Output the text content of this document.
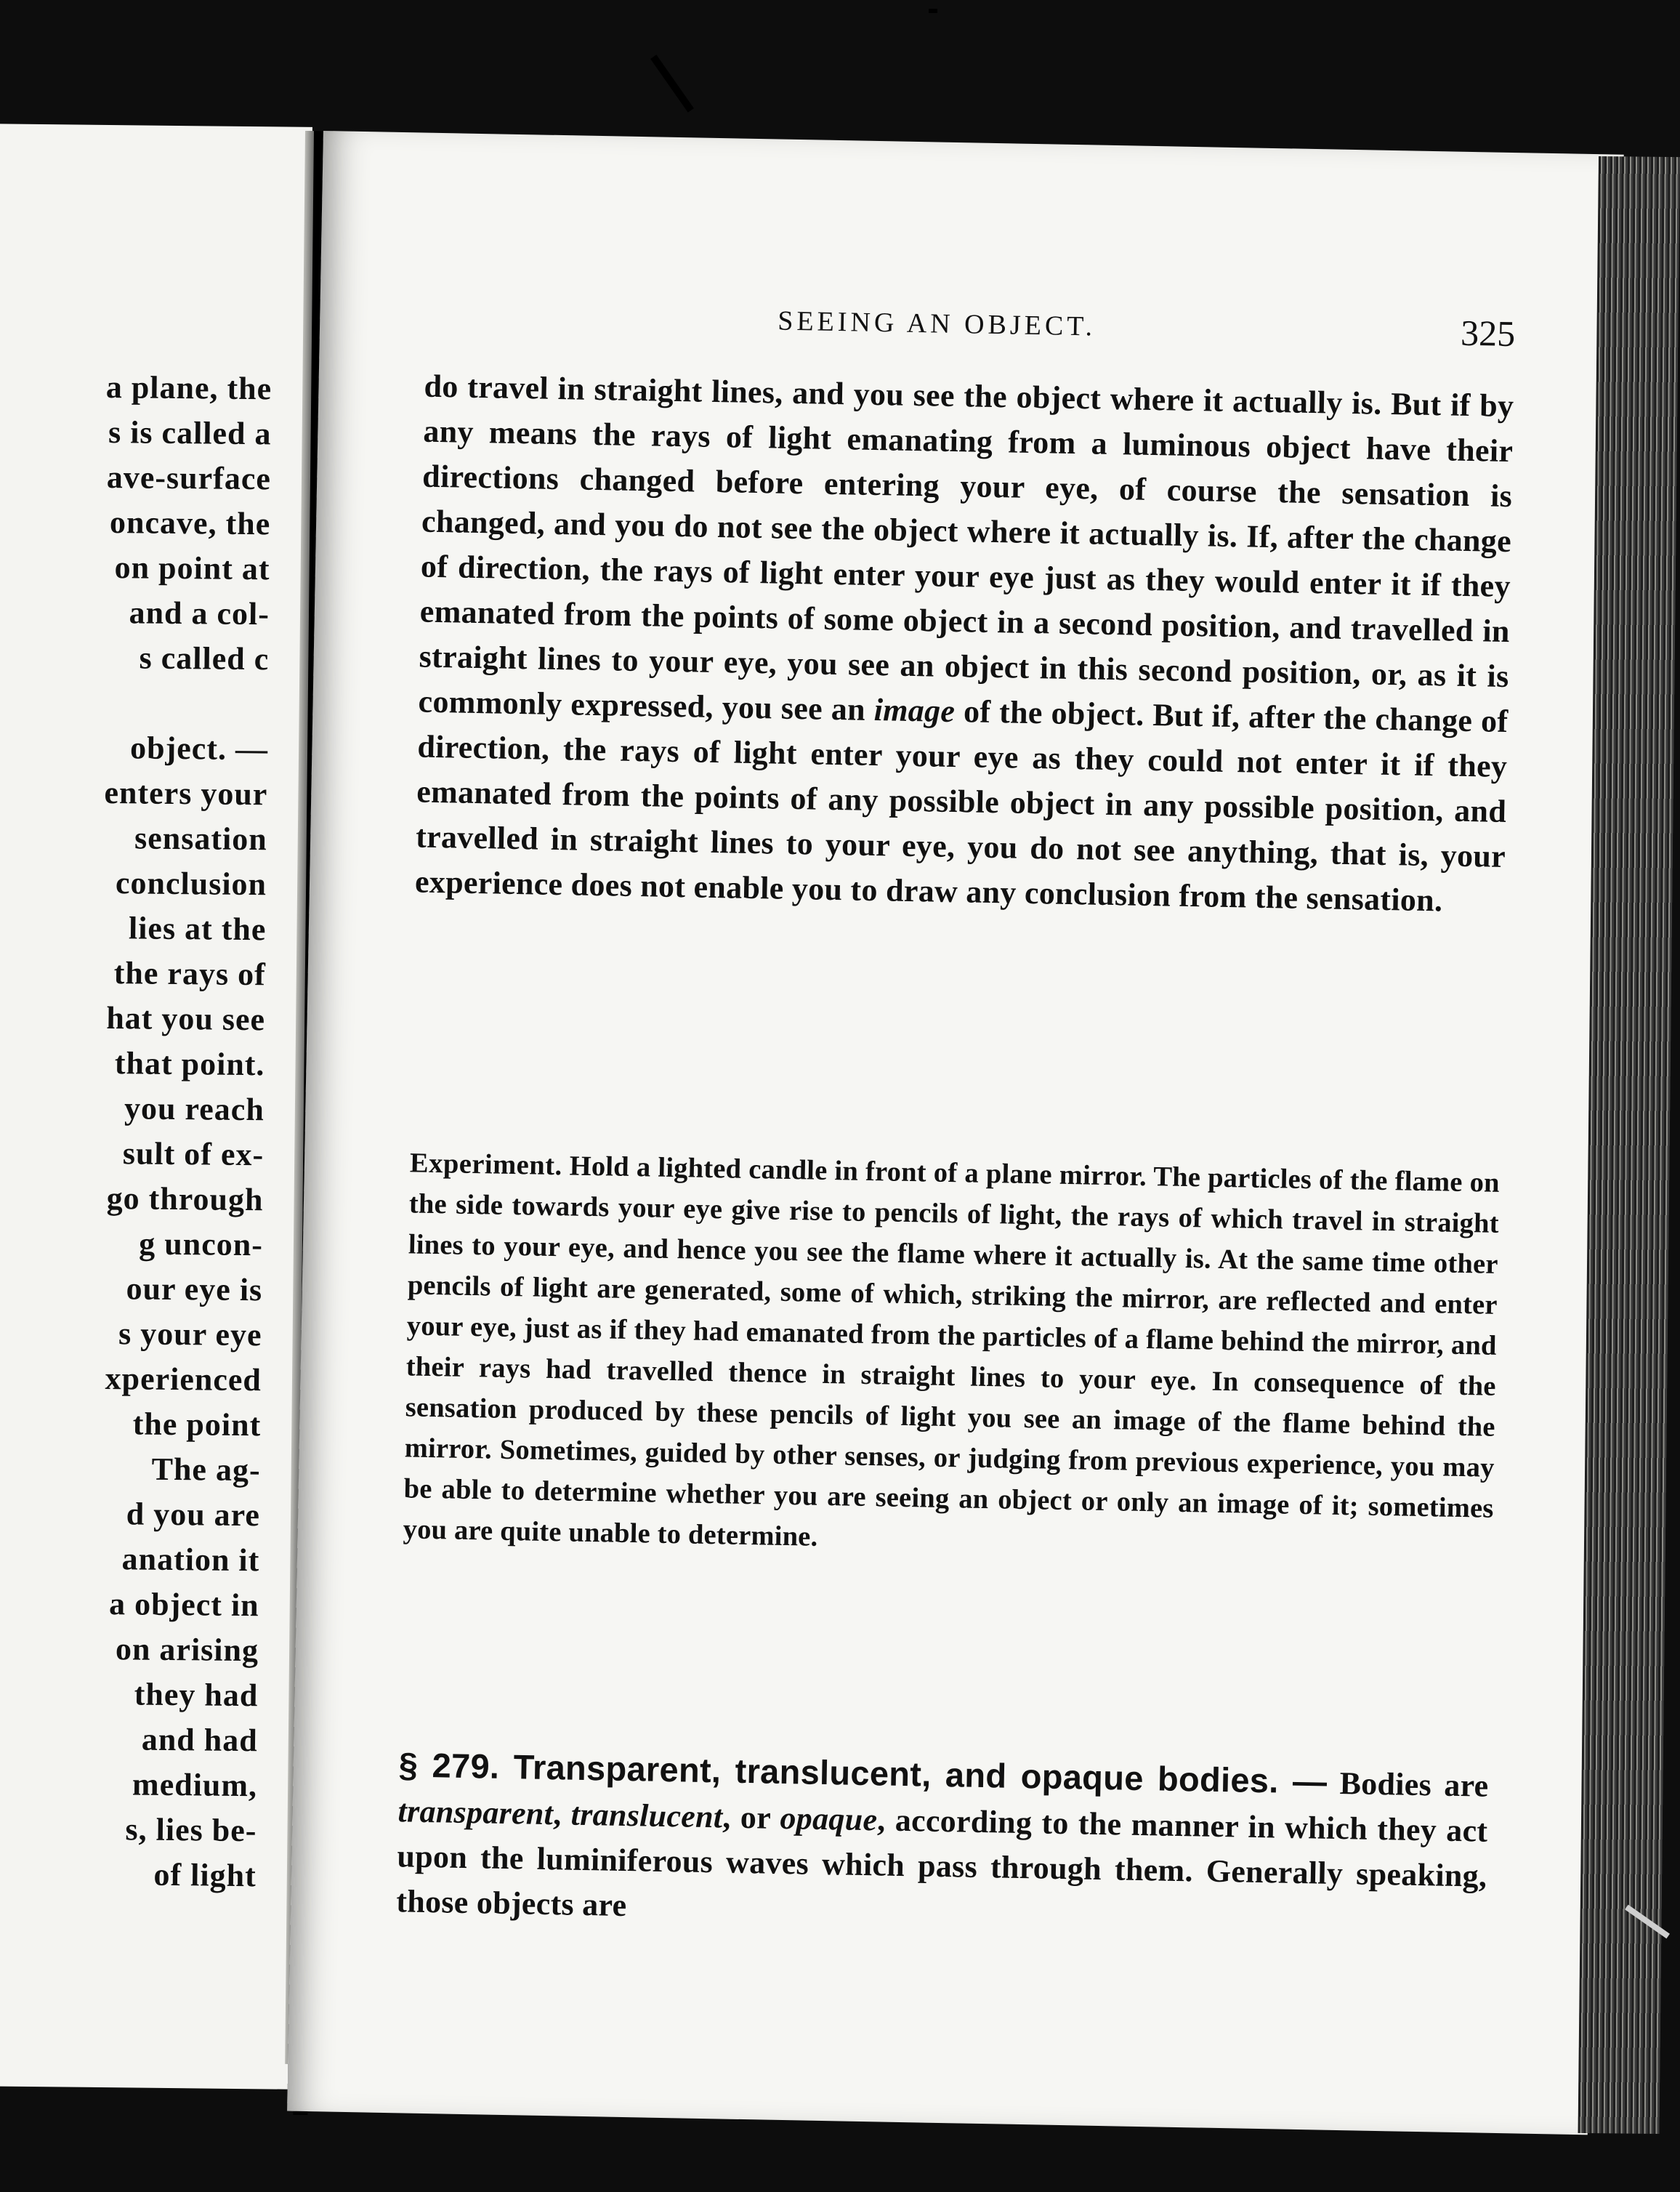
a plane, the
s is called a
ave-surface
oncave, the
on point at
and a col-
s called c
object. —
enters your
sensation
conclusion
lies at the
the rays of
hat you see
that point.
you reach
sult of ex-
go through
g uncon-
our eye is
s your eye
xperienced
the point
The ag-
d you are
anation it
a object in
on arising
they had
and had
medium,
s, lies be-
of light
SEEING AN OBJECT.	325

do travel in straight lines, and you see the object where it actually is. But if by any means the rays of light emanating from a luminous object have their directions changed before entering your eye, of course the sensation is changed, and you do not see the object where it actually is. If, after the change of direction, the rays of light enter your eye just as they would enter it if they emanated from the points of some object in a second position, and travelled in straight lines to your eye, you see an object in this second position, or, as it is commonly expressed, you see an image of the object. But if, after the change of direction, the rays of light enter your eye as they could not enter it if they emanated from the points of any possible object in any possible position, and travelled in straight lines to your eye, you do not see anything, that is, your experience does not enable you to draw any conclusion from the sensation.

Experiment. Hold a lighted candle in front of a plane mirror. The particles of the flame on the side towards your eye give rise to pencils of light, the rays of which travel in straight lines to your eye, and hence you see the flame where it actually is. At the same time other pencils of light are generated, some of which, striking the mirror, are reflected and enter your eye, just as if they had emanated from the particles of a flame behind the mirror, and their rays had travelled thence in straight lines to your eye. In consequence of the sensation produced by these pencils of light you see an image of the flame behind the mirror. Sometimes, guided by other senses, or judging from previous experience, you may be able to determine whether you are seeing an object or only an image of it; sometimes you are quite unable to determine.
§ 279. Transparent, translucent, and opaque bodies. — Bodies are transparent, translucent, or opaque, according to the manner in which they act upon the luminiferous waves which pass through them. Generally speaking, those objects are
